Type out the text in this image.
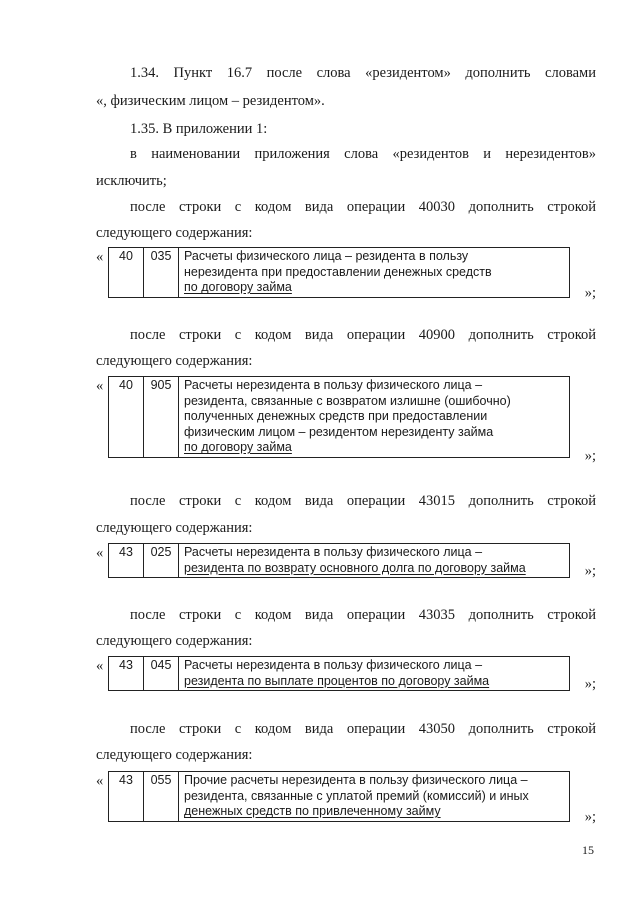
1.34. Пункт 16.7 после слова «резидентом» дополнить словами
«, физическим лицом – резидентом».
1.35. В приложении 1:
в наименовании приложения слова «резидентов и нерезидентов»
исключить;
после строки с кодом вида операции 40030 дополнить строкой
следующего содержания:
« 40	035	Расчеты физического лица – резидента в пользу
нерезидента при предоставлении денежных средств
по договору займа	»;
после строки с кодом вида операции 40900 дополнить строкой
следующего содержания:
« 40	905	Расчеты нерезидента в пользу физического лица –
резидента, связанные с возвратом излишне (ошибочно)
полученных денежных средств при предоставлении
физическим лицом – резидентом нерезиденту займа
по договору займа
»;
после строки с кодом вида операции 43015 дополнить строкой
следующего содержания:
« 43	025	Расчеты нерезидента в пользу физического лица –
резидента по возврату основного долга по договору займа	»;
после строки с кодом вида операции 43035 дополнить строкой
следующего содержания:
« 43	045	Расчеты нерезидента в пользу физического лица –
резидента по выплате процентов по договору займа	»;
после строки с кодом вида операции 43050 дополнить строкой
следующего содержания:
« 43	055	Прочие расчеты нерезидента в пользу физического лица –
резидента, связанные с уплатой премий (комиссий) и иных
денежных средств по привлеченному займу	»;
15
